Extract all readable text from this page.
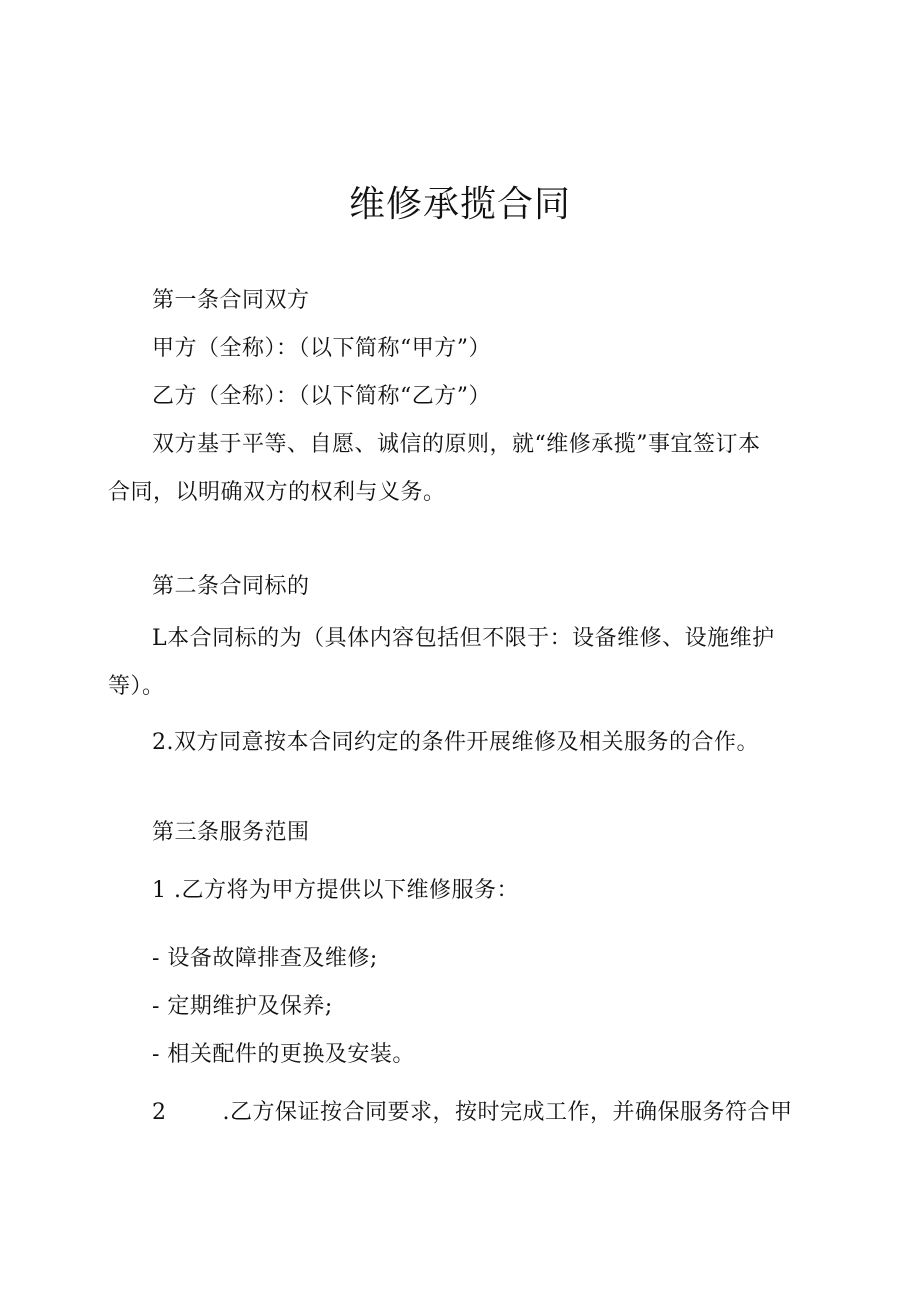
维修承揽合同
第一条合同双方
甲方（全称）：（以下简称“甲方”）
乙方（全称）：（以下简称“乙方”）
双方基于平等、自愿、诚信的原则，就“维修承揽”事宜签订本
合同，以明确双方的权利与义务。
第二条合同标的
L本合同标的为（具体内容包括但不限于：设备维修、设施维护
等）。
2.双方同意按本合同约定的条件开展维修及相关服务的合作。
第三条服务范围
1 .乙方将为甲方提供以下维修服务：
- 设备故障排查及维修;
- 定期维护及保养;
- 相关配件的更换及安装。
2	.乙方保证按合同要求，按时完成工作，并确保服务符合甲
